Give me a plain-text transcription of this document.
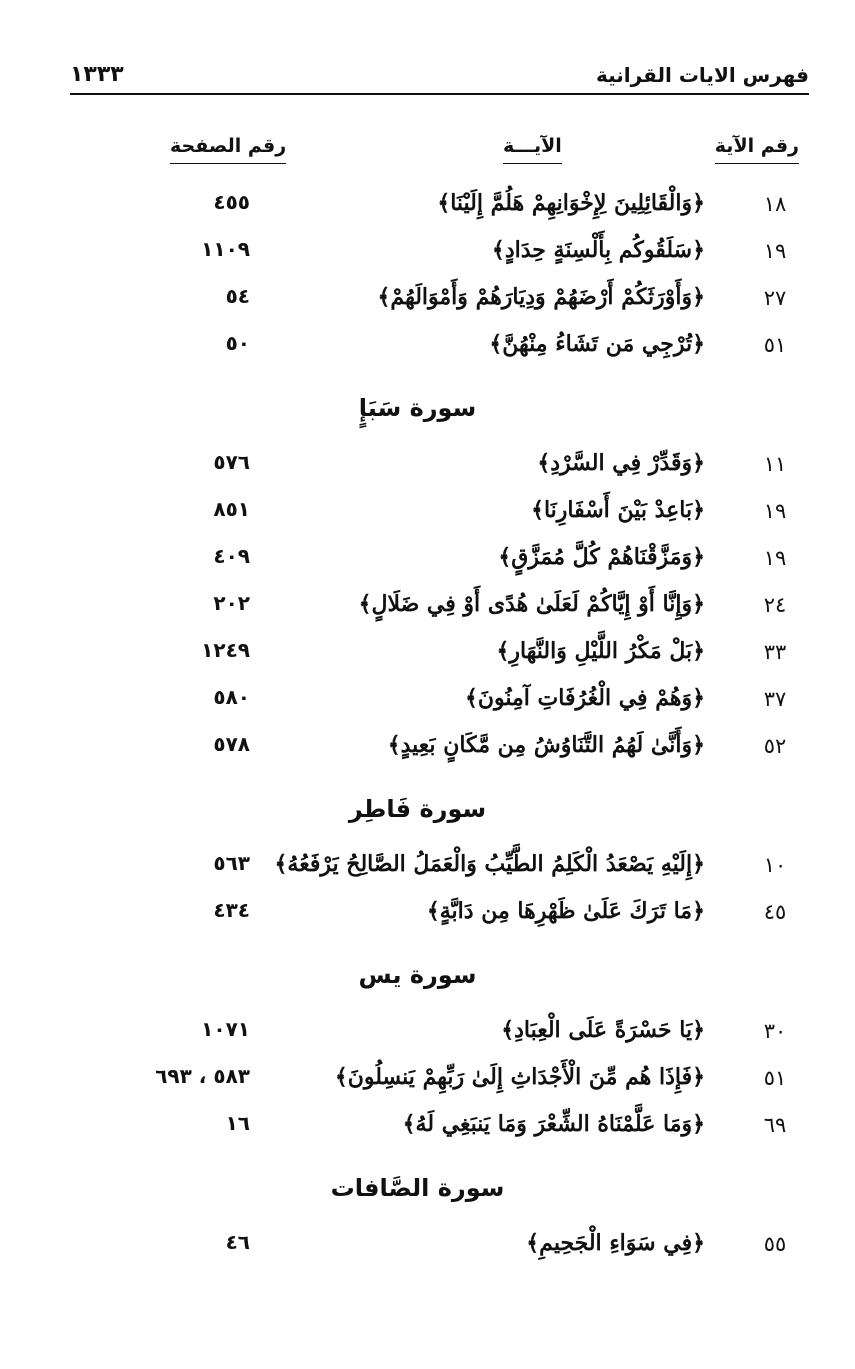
١٣٣٣	فهرس الايات القرانية
رقم الآية
الآيـــة
رقم الصفحة
١٨
﴿وَالْقَائِلِينَ لِإِخْوَانِهِمْ هَلُمَّ إِلَيْنَا﴾
٤٥٥
١٩
﴿سَلَقُوكُم بِأَلْسِنَةٍ حِدَادٍ﴾
١١٠٩
٢٧
﴿وَأَوْرَثَكُمْ أَرْضَهُمْ وَدِيَارَهُمْ وَأَمْوَالَهُمْ﴾
٥٤
٥١
﴿تُرْجِي مَن تَشَاءُ مِنْهُنَّ﴾
٥٠
سورة سَبَإٍ
١١
﴿وَقَدِّرْ فِي السَّرْدِ﴾
٥٧٦
١٩
﴿بَاعِدْ بَيْنَ أَسْفَارِنَا﴾
٨٥١
١٩
﴿وَمَزَّقْنَاهُمْ كُلَّ مُمَزَّقٍ﴾
٤٠٩
٢٤
﴿وَإِنَّا أَوْ إِيَّاكُمْ لَعَلَىٰ هُدًى أَوْ فِي ضَلَالٍ﴾
٢٠٢
٣٣
﴿بَلْ مَكْرُ اللَّيْلِ وَالنَّهَارِ﴾
١٢٤٩
٣٧
﴿وَهُمْ فِي الْغُرُفَاتِ آمِنُونَ﴾
٥٨٠
٥٢
﴿وَأَنَّىٰ لَهُمُ التَّنَاوُشُ مِن مَّكَانٍ بَعِيدٍ﴾
٥٧٨
سورة فَاطِر
١٠
﴿إِلَيْهِ يَصْعَدُ الْكَلِمُ الطَّيِّبُ وَالْعَمَلُ الصَّالِحُ يَرْفَعُهُ﴾
٥٦٣
٤٥
﴿مَا تَرَكَ عَلَىٰ ظَهْرِهَا مِن دَابَّةٍ﴾
٤٣٤
سورة يس
٣٠
﴿يَا حَسْرَةً عَلَى الْعِبَادِ﴾
١٠٧١
٥١
﴿فَإِذَا هُم مِّنَ الْأَجْدَاثِ إِلَىٰ رَبِّهِمْ يَنسِلُونَ﴾
٥٨٣ ، ٦٩٣
٦٩
﴿وَمَا عَلَّمْنَاهُ الشِّعْرَ وَمَا يَنبَغِي لَهُ﴾
١٦
سورة الصَّافات
٥٥
﴿فِي سَوَاءِ الْجَحِيمِ﴾
٤٦
